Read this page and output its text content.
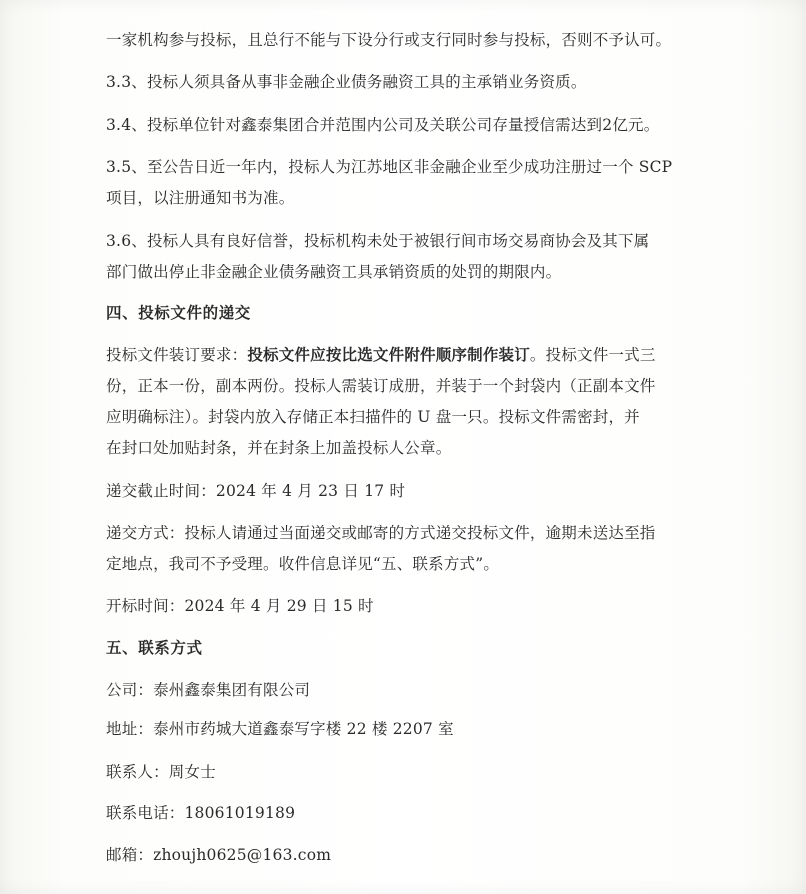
一家机构参与投标，且总行不能与下设分行或支行同时参与投标，否则不予认可。
3.3、投标人须具备从事非金融企业债务融资工具的主承销业务资质。
3.4、投标单位针对鑫泰集团合并范围内公司及关联公司存量授信需达到2亿元。
3.5、至公告日近一年内，投标人为江苏地区非金融企业至少成功注册过一个 SCP
项目，以注册通知书为准。
3.6、投标人具有良好信誉，投标机构未处于被银行间市场交易商协会及其下属
部门做出停止非金融企业债务融资工具承销资质的处罚的期限内。
四、投标文件的递交
投标文件装订要求：投标文件应按比选文件附件顺序制作装订。投标文件一式三
份，正本一份，副本两份。投标人需装订成册，并装于一个封袋内（正副本文件
应明确标注）。封袋内放入存储正本扫描件的 U 盘一只。投标文件需密封，并
在封口处加贴封条，并在封条上加盖投标人公章。
递交截止时间：2024 年 4 月 23 日 17 时
递交方式：投标人请通过当面递交或邮寄的方式递交投标文件，逾期未送达至指
定地点，我司不予受理。收件信息详见“五、联系方式”。
开标时间：2024 年 4 月 29 日 15 时
五、联系方式
公司：泰州鑫泰集团有限公司
地址：泰州市药城大道鑫泰写字楼 22 楼 2207 室
联系人：周女士
联系电话：18061019189
邮箱：zhoujh0625@163.com
